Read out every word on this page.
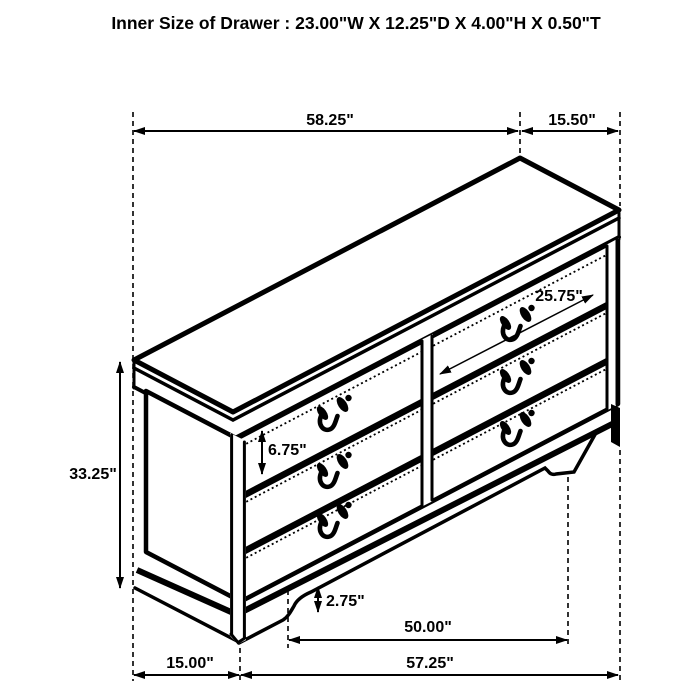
Inner Size of Drawer : 23.00"W X 12.25"D X 4.00"H X 0.50"T
58.25"	15.50"
33.25"
6.75"
25.75"
2.75"
50.00"
15.00"	57.25"
